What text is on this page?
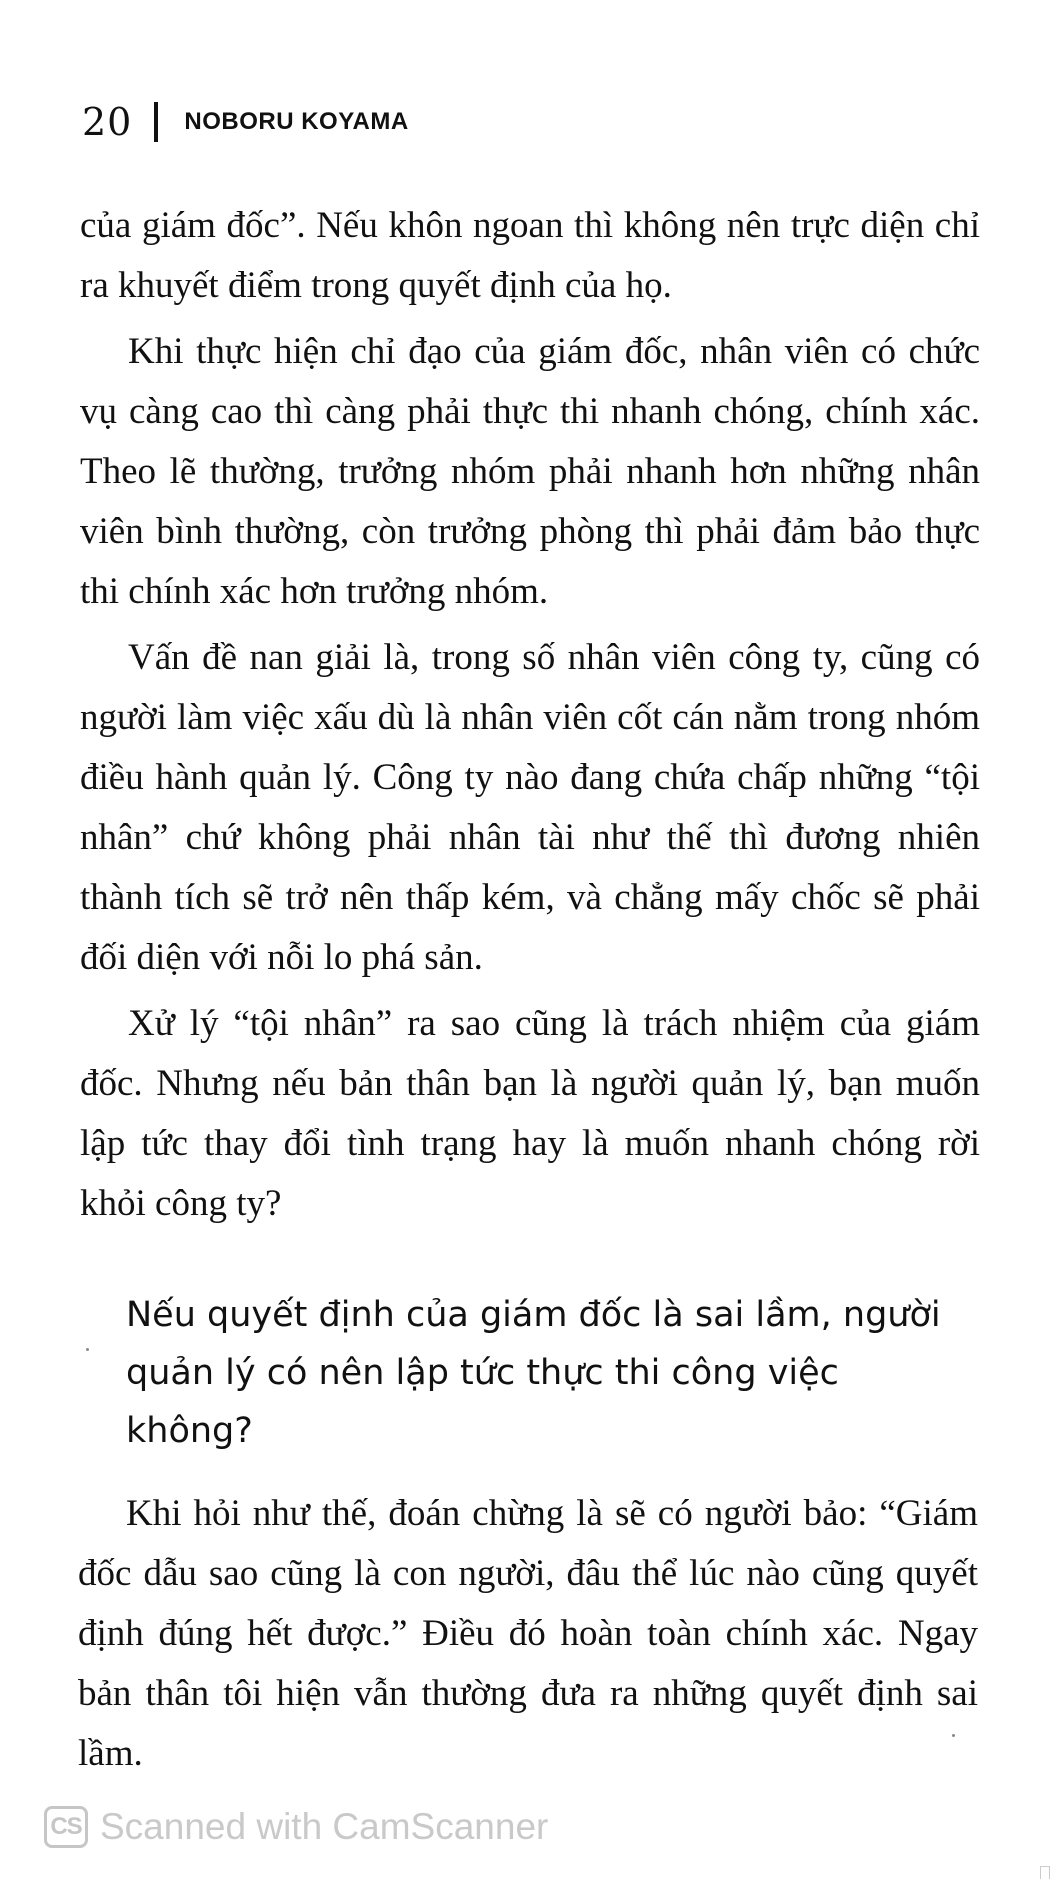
20 NOBORU KOYAMA

của giám đốc”. Nếu khôn ngoan thì không nên trực diện chỉ ra khuyết điểm trong quyết định của họ.

Khi thực hiện chỉ đạo của giám đốc, nhân viên có chức vụ càng cao thì càng phải thực thi nhanh chóng, chính xác. Theo lẽ thường, trưởng nhóm phải nhanh hơn những nhân viên bình thường, còn trưởng phòng thì phải đảm bảo thực thi chính xác hơn trưởng nhóm.

Vấn đề nan giải là, trong số nhân viên công ty, cũng có người làm việc xấu dù là nhân viên cốt cán nằm trong nhóm điều hành quản lý. Công ty nào đang chứa chấp những “tội nhân” chứ không phải nhân tài như thế thì đương nhiên thành tích sẽ trở nên thấp kém, và chẳng mấy chốc sẽ phải đối diện với nỗi lo phá sản.

Xử lý “tội nhân” ra sao cũng là trách nhiệm của giám đốc. Nhưng nếu bản thân bạn là người quản lý, bạn muốn lập tức thay đổi tình trạng hay là muốn nhanh chóng rời khỏi công ty?

Nếu quyết định của giám đốc là sai lầm, người quản lý có nên lập tức thực thi công việc không?

Khi hỏi như thế, đoán chừng là sẽ có người bảo: “Giám đốc dẫu sao cũng là con người, đâu thể lúc nào cũng quyết định đúng hết được.” Điều đó hoàn toàn chính xác. Ngay bản thân tôi hiện vẫn thường đưa ra những quyết định sai lầm.

CS Scanned with CamScanner
